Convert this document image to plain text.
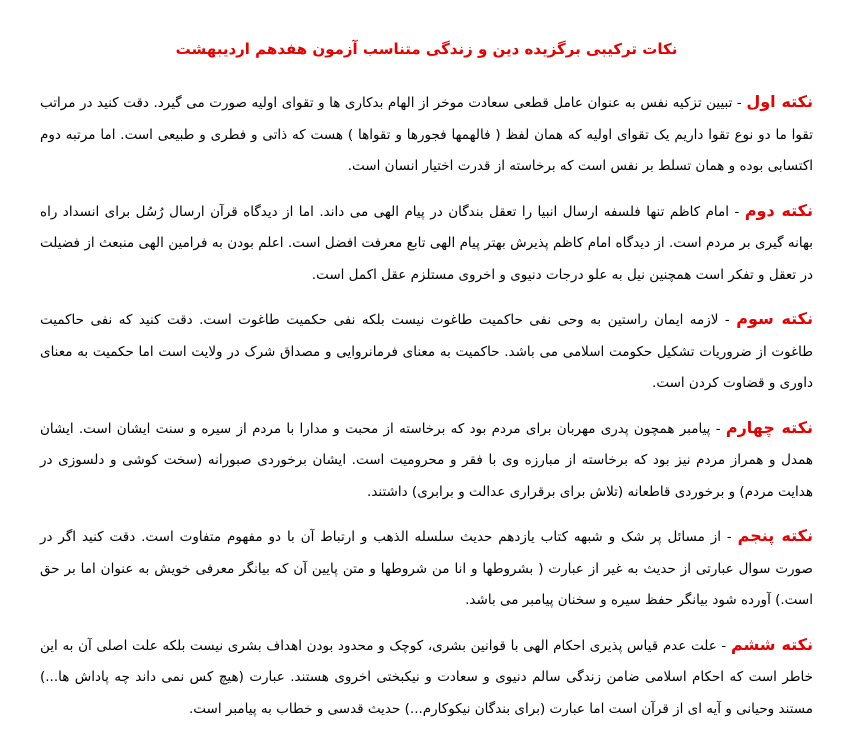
نکات ترکیبی برگزیده دین و زندگی متناسب آزمون هفدهم اردیبهشت

نکته اول - تبیین تزکیه نفس به عنوان عامل قطعی سعادت موخر از الهام بدکاری ها و تقوای اولیه صورت می گیرد. دقت کنید در مراتب تقوا ما دو نوع تقوا داریم یک تقوای اولیه که همان لفظ ( فالهمها فجورها و تقواها ) هست که ذاتی و فطری و طبیعی است. اما مرتبه دوم اکتسابی بوده و همان تسلط بر نفس است که برخاسته از قدرت اختیار انسان است.

نکته دوم - امام کاظم تنها فلسفه ارسال انبیا را تعقل بندگان در پیام الهی می داند. اما از دیدگاه قرآن ارسال رُسُل برای انسداد راه بهانه گیری بر مردم است. از دیدگاه امام کاظم پذیرش بهتر پیام الهی تابع معرفت افضل است. اعلم بودن به فرامین الهی منبعث از فضیلت در تعقل و تفکر است همچنین نیل به علو درجات دنیوی و اخروی مستلزم عقل اکمل است.

نکته سوم - لازمه ایمان راستین به وحی نفی حاکمیت طاغوت نیست بلکه نفی حکمیت طاغوت است. دقت کنید که نفی حاکمیت طاغوت از ضروریات تشکیل حکومت اسلامی می باشد. حاکمیت به معنای فرمانروایی و مصداق شرک در ولایت است اما حکمیت به معنای داوری و قضاوت کردن است.

نکته چهارم - پیامبر همچون پدری مهربان برای مردم بود که برخاسته از محبت و مدارا با مردم از سیره و سنت ایشان است. ایشان همدل و همراز مردم نیز بود که برخاسته از مبارزه وی با فقر و محرومیت است. ایشان برخوردی صبورانه (سخت کوشی و دلسوزی در هدایت مردم) و برخوردی قاطعانه (تلاش برای برقراری عدالت و برابری) داشتند.

نکته پنجم - از مسائل پر شک و شبهه کتاب یازدهم حدیث سلسله الذهب و ارتباط آن با دو مفهوم متفاوت است. دقت کنید اگر در صورت سوال عبارتی از حدیث به غیر از عبارت ( بشروطها و انا من شروطها و متن پایین آن که بیانگر معرفی خویش به عنوان اما بر حق است.) آورده شود بیانگر حفظ سیره و سخنان پیامبر می باشد.

نکته ششم - علت عدم قیاس پذیری احکام الهی با قوانین بشری، کوچک و محدود بودن اهداف بشری نیست بلکه علت اصلی آن به این خاطر است که احکام اسلامی ضامن زندگی سالم دنیوی و سعادت و نیکبختی اخروی هستند. عبارت (هیچ کس نمی داند چه پاداش ها...) مستند وحیانی و آیه ای از قرآن است اما عبارت (برای بندگان نیکوکارم...) حدیث قدسی و خطاب به پیامبر است.
